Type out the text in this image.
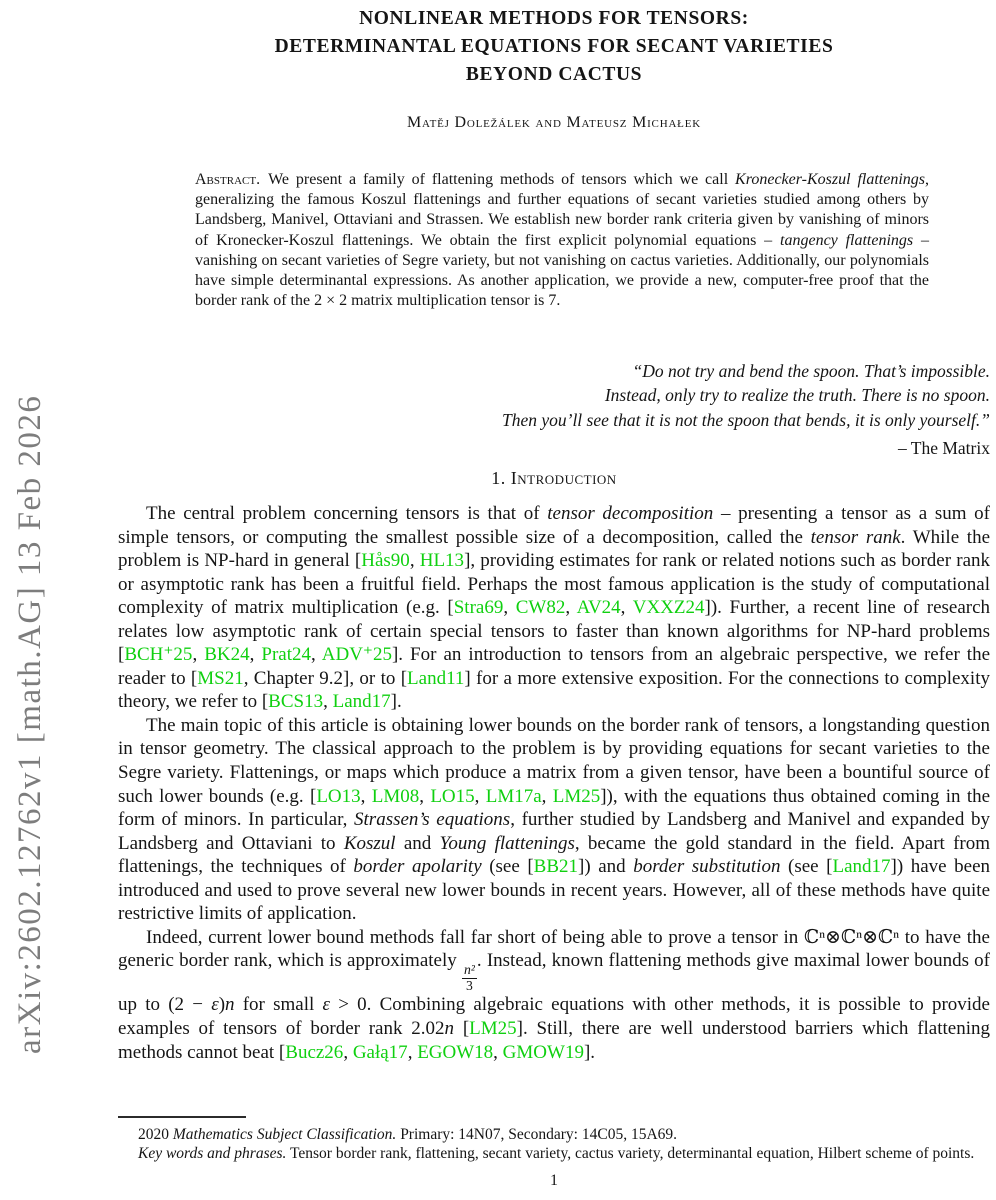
arXiv:2602.12762v1 [math.AG] 13 Feb 2026
NONLINEAR METHODS FOR TENSORS:
DETERMINANTAL EQUATIONS FOR SECANT VARIETIES
BEYOND CACTUS
Matěj Doležálek and Mateusz Michałek
Abstract. We present a family of flattening methods of tensors which we call Kronecker-Koszul flattenings, generalizing the famous Koszul flattenings and further equations of secant varieties studied among others by Landsberg, Manivel, Ottaviani and Strassen. We establish new border rank criteria given by vanishing of minors of Kronecker-Koszul flattenings. We obtain the first explicit polynomial equations – tangency flattenings – vanishing on secant varieties of Segre variety, but not vanishing on cactus varieties. Additionally, our polynomials have simple determinantal expressions. As another application, we provide a new, computer-free proof that the border rank of the 2 × 2 matrix multiplication tensor is 7.
“Do not try and bend the spoon. That’s impossible.
Instead, only try to realize the truth. There is no spoon.
Then you’ll see that it is not the spoon that bends, it is only yourself.”
– The Matrix
1. Introduction

The central problem concerning tensors is that of tensor decomposition – presenting a tensor as a sum of simple tensors, or computing the smallest possible size of a decomposition, called the tensor rank. While the problem is NP-hard in general [Hås90, HL13], providing estimates for rank or related notions such as border rank or asymptotic rank has been a fruitful field. Perhaps the most famous application is the study of computational complexity of matrix multiplication (e.g. [Stra69, CW82, AV24, VXXZ24]). Further, a recent line of research relates low asymptotic rank of certain special tensors to faster than known algorithms for NP-hard problems [BCH⁺25, BK24, Prat24, ADV⁺25]. For an introduction to tensors from an algebraic perspective, we refer the reader to [MS21, Chapter 9.2], or to [Land11] for a more extensive exposition. For the connections to complexity theory, we refer to [BCS13, Land17].

The main topic of this article is obtaining lower bounds on the border rank of tensors, a longstanding question in tensor geometry. The classical approach to the problem is by providing equations for secant varieties to the Segre variety. Flattenings, or maps which produce a matrix from a given tensor, have been a bountiful source of such lower bounds (e.g. [LO13, LM08, LO15, LM17a, LM25]), with the equations thus obtained coming in the form of minors. In particular, Strassen’s equations, further studied by Landsberg and Manivel and expanded by Landsberg and Ottaviani to Koszul and Young flattenings, became the gold standard in the field. Apart from flattenings, the techniques of border apolarity (see [BB21]) and border substitution (see [Land17]) have been introduced and used to prove several new lower bounds in recent years. However, all of these methods have quite restrictive limits of application.

Indeed, current lower bound methods fall far short of being able to prove a tensor in ℂⁿ⊗ℂⁿ⊗ℂⁿ to have the generic border rank, which is approximately
$\frac{\text{n²}}{3}$
. Instead, known flattening methods give maximal lower bounds of up to (2 − ε)n for small ε > 0. Combining algebraic equations with other methods, it is possible to provide examples of tensors of border rank 2.02n [LM25]. Still, there are well understood barriers which flattening methods cannot beat [Bucz26, Gałą17, EGOW18, GMOW19].

2020 Mathematics Subject Classification. Primary: 14N07, Secondary: 14C05, 15A69.

Key words and phrases. Tensor border rank, flattening, secant variety, cactus variety, determinantal equation, Hilbert scheme of points.

1
